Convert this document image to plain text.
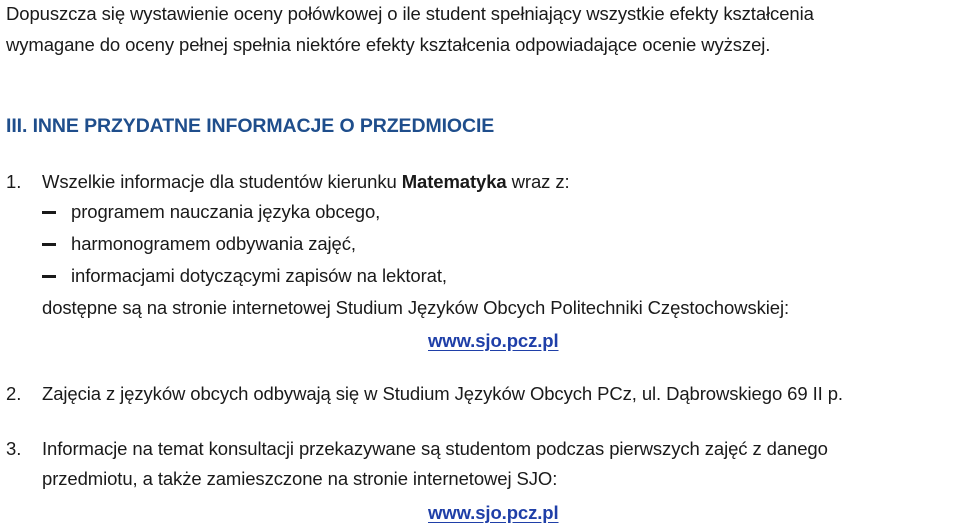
Dopuszcza się wystawienie oceny połówkowej o ile student spełniający wszystkie efekty kształcenia
wymagane do oceny pełnej spełnia niektóre efekty kształcenia odpowiadające ocenie wyższej.
III. INNE PRZYDATNE INFORMACJE O PRZEDMIOCIE
1. Wszelkie informacje dla studentów kierunku Matematyka wraz z:
programem nauczania języka obcego,
harmonogramem odbywania zajęć,
informacjami dotyczącymi zapisów na lektorat,
dostępne są na stronie internetowej Studium Języków Obcych Politechniki Częstochowskiej:
www.sjo.pcz.pl
2. Zajęcia z języków obcych odbywają się w Studium Języków Obcych PCz, ul. Dąbrowskiego 69 II p.
3. Informacje na temat konsultacji przekazywane są studentom podczas pierwszych zajęć z danego
przedmiotu, a także zamieszczone na stronie internetowej SJO:
www.sjo.pcz.pl
